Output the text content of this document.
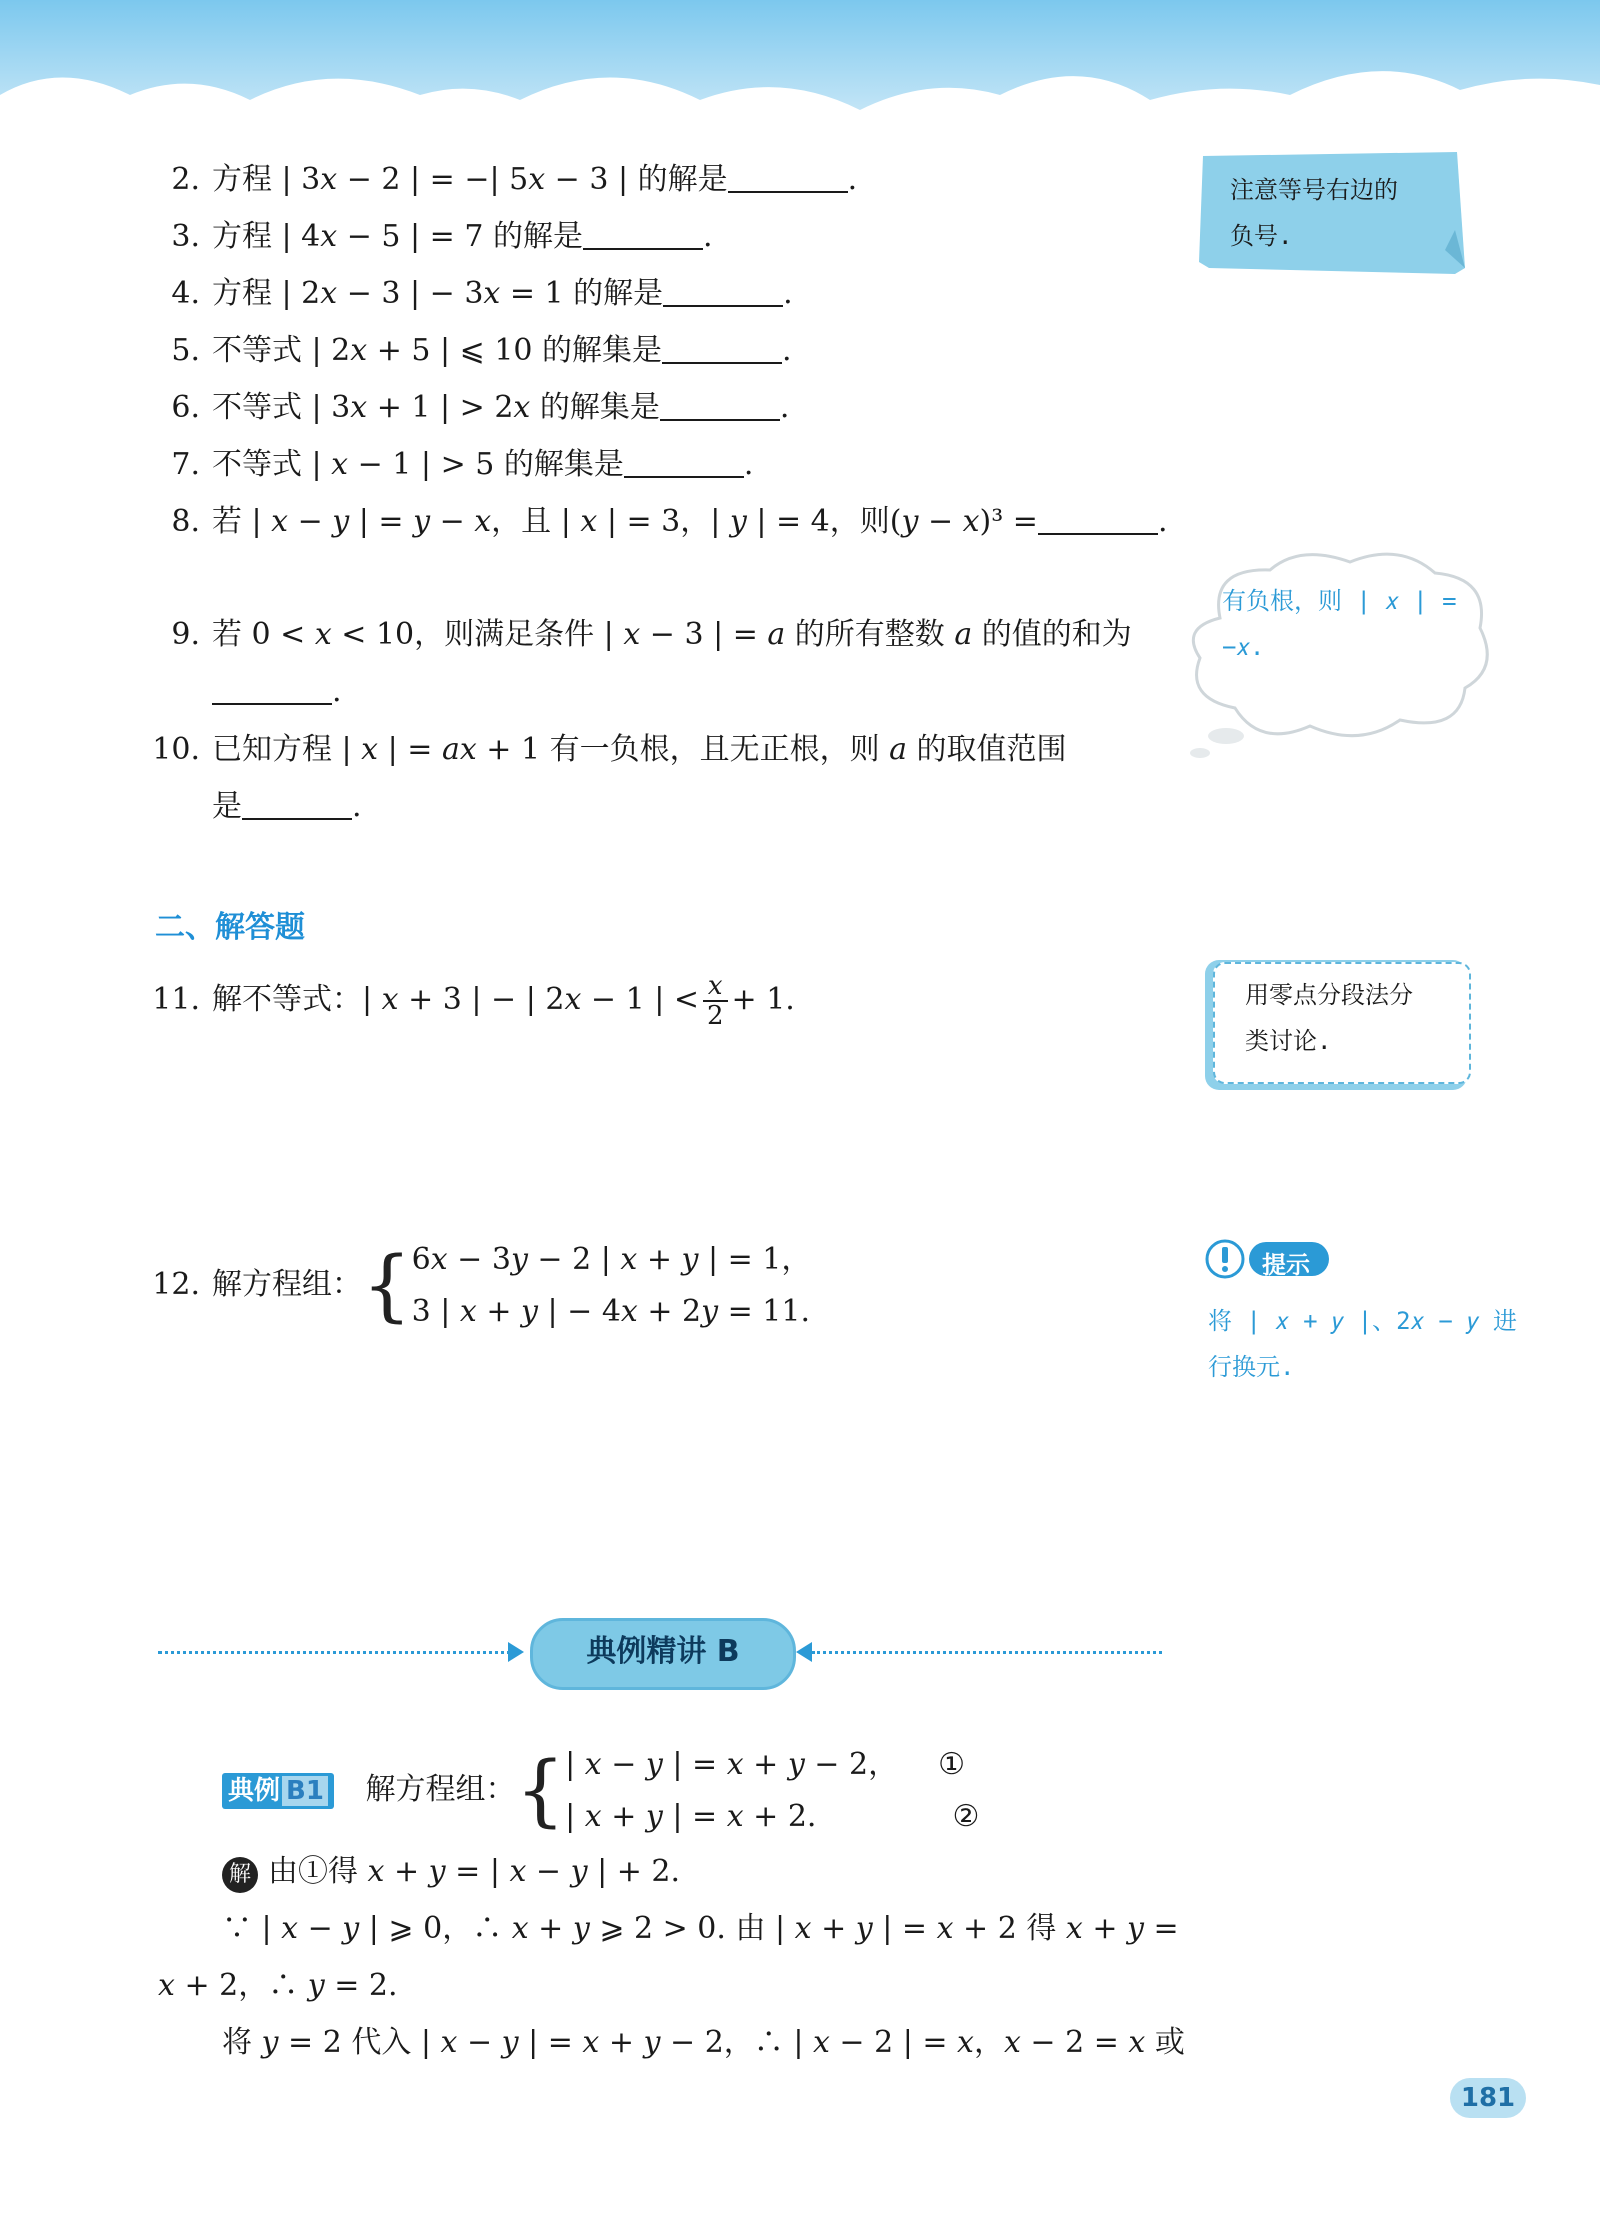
2. 方程 | 3𝑥 − 2 | = −| 5𝑥 − 3 | 的解是	.
3. 方程 | 4𝑥 − 5 | = 7 的解是	.
4. 方程 | 2𝑥 − 3 | − 3𝑥 = 1 的解是	.
5. 不等式 | 2𝑥 + 5 | ⩽ 10 的解集是	.
6. 不等式 | 3𝑥 + 1 | > 2𝑥 的解集是	.
7. 不等式 | 𝑥 − 1 | > 5 的解集是	.
8. 若 | 𝑥 − 𝑦 | = 𝑦 − 𝑥，且 | 𝑥 | = 3，| 𝑦 | = 4，则(𝑦 − 𝑥)³ =	.
9. 若 0 < 𝑥 < 10，则满足条件 | 𝑥 − 3 | = 𝑎 的所有整数 𝑎 的值的和为
.
10. 已知方程 | 𝑥 | = 𝑎𝑥 + 1 有一负根，且无正根，则 𝑎 的取值范围
是	.
二、解答题
11. 解不等式：| 𝑥 + 3 | − | 2𝑥 − 1 | < $\frac{\text{𝑥}}{2} + 1$.
12. 解方程组：{ 6𝑥 − 3𝑦 − 2 | 𝑥 + 𝑦 | = 1，
3 | 𝑥 + 𝑦 | − 4𝑥 + 2𝑦 = 11.
注意等号右边的
负号.
有负根，则 | 𝑥 | =
−𝑥.
用零点分段法分
类讨论.
提示
将 | 𝑥 + 𝑦 |、2𝑥 − 𝑦 进
行换元.
典例精讲 B
典例 B1 解方程组：{ | 𝑥 − 𝑦 | = 𝑥 + 𝑦 − 2， ①
| 𝑥 + 𝑦 | = 𝑥 + 2.	②
解 由①得 𝑥 + 𝑦 = | 𝑥 − 𝑦 | + 2.
∵ | 𝑥 − 𝑦 | ⩾ 0，∴ 𝑥 + 𝑦 ⩾ 2 > 0. 由 | 𝑥 + 𝑦 | = 𝑥 + 2 得 𝑥 + 𝑦 =
𝑥 + 2，∴ 𝑦 = 2.
将 𝑦 = 2 代入 | 𝑥 − 𝑦 | = 𝑥 + 𝑦 − 2，∴ | 𝑥 − 2 | = 𝑥，𝑥 − 2 = 𝑥 或
181
